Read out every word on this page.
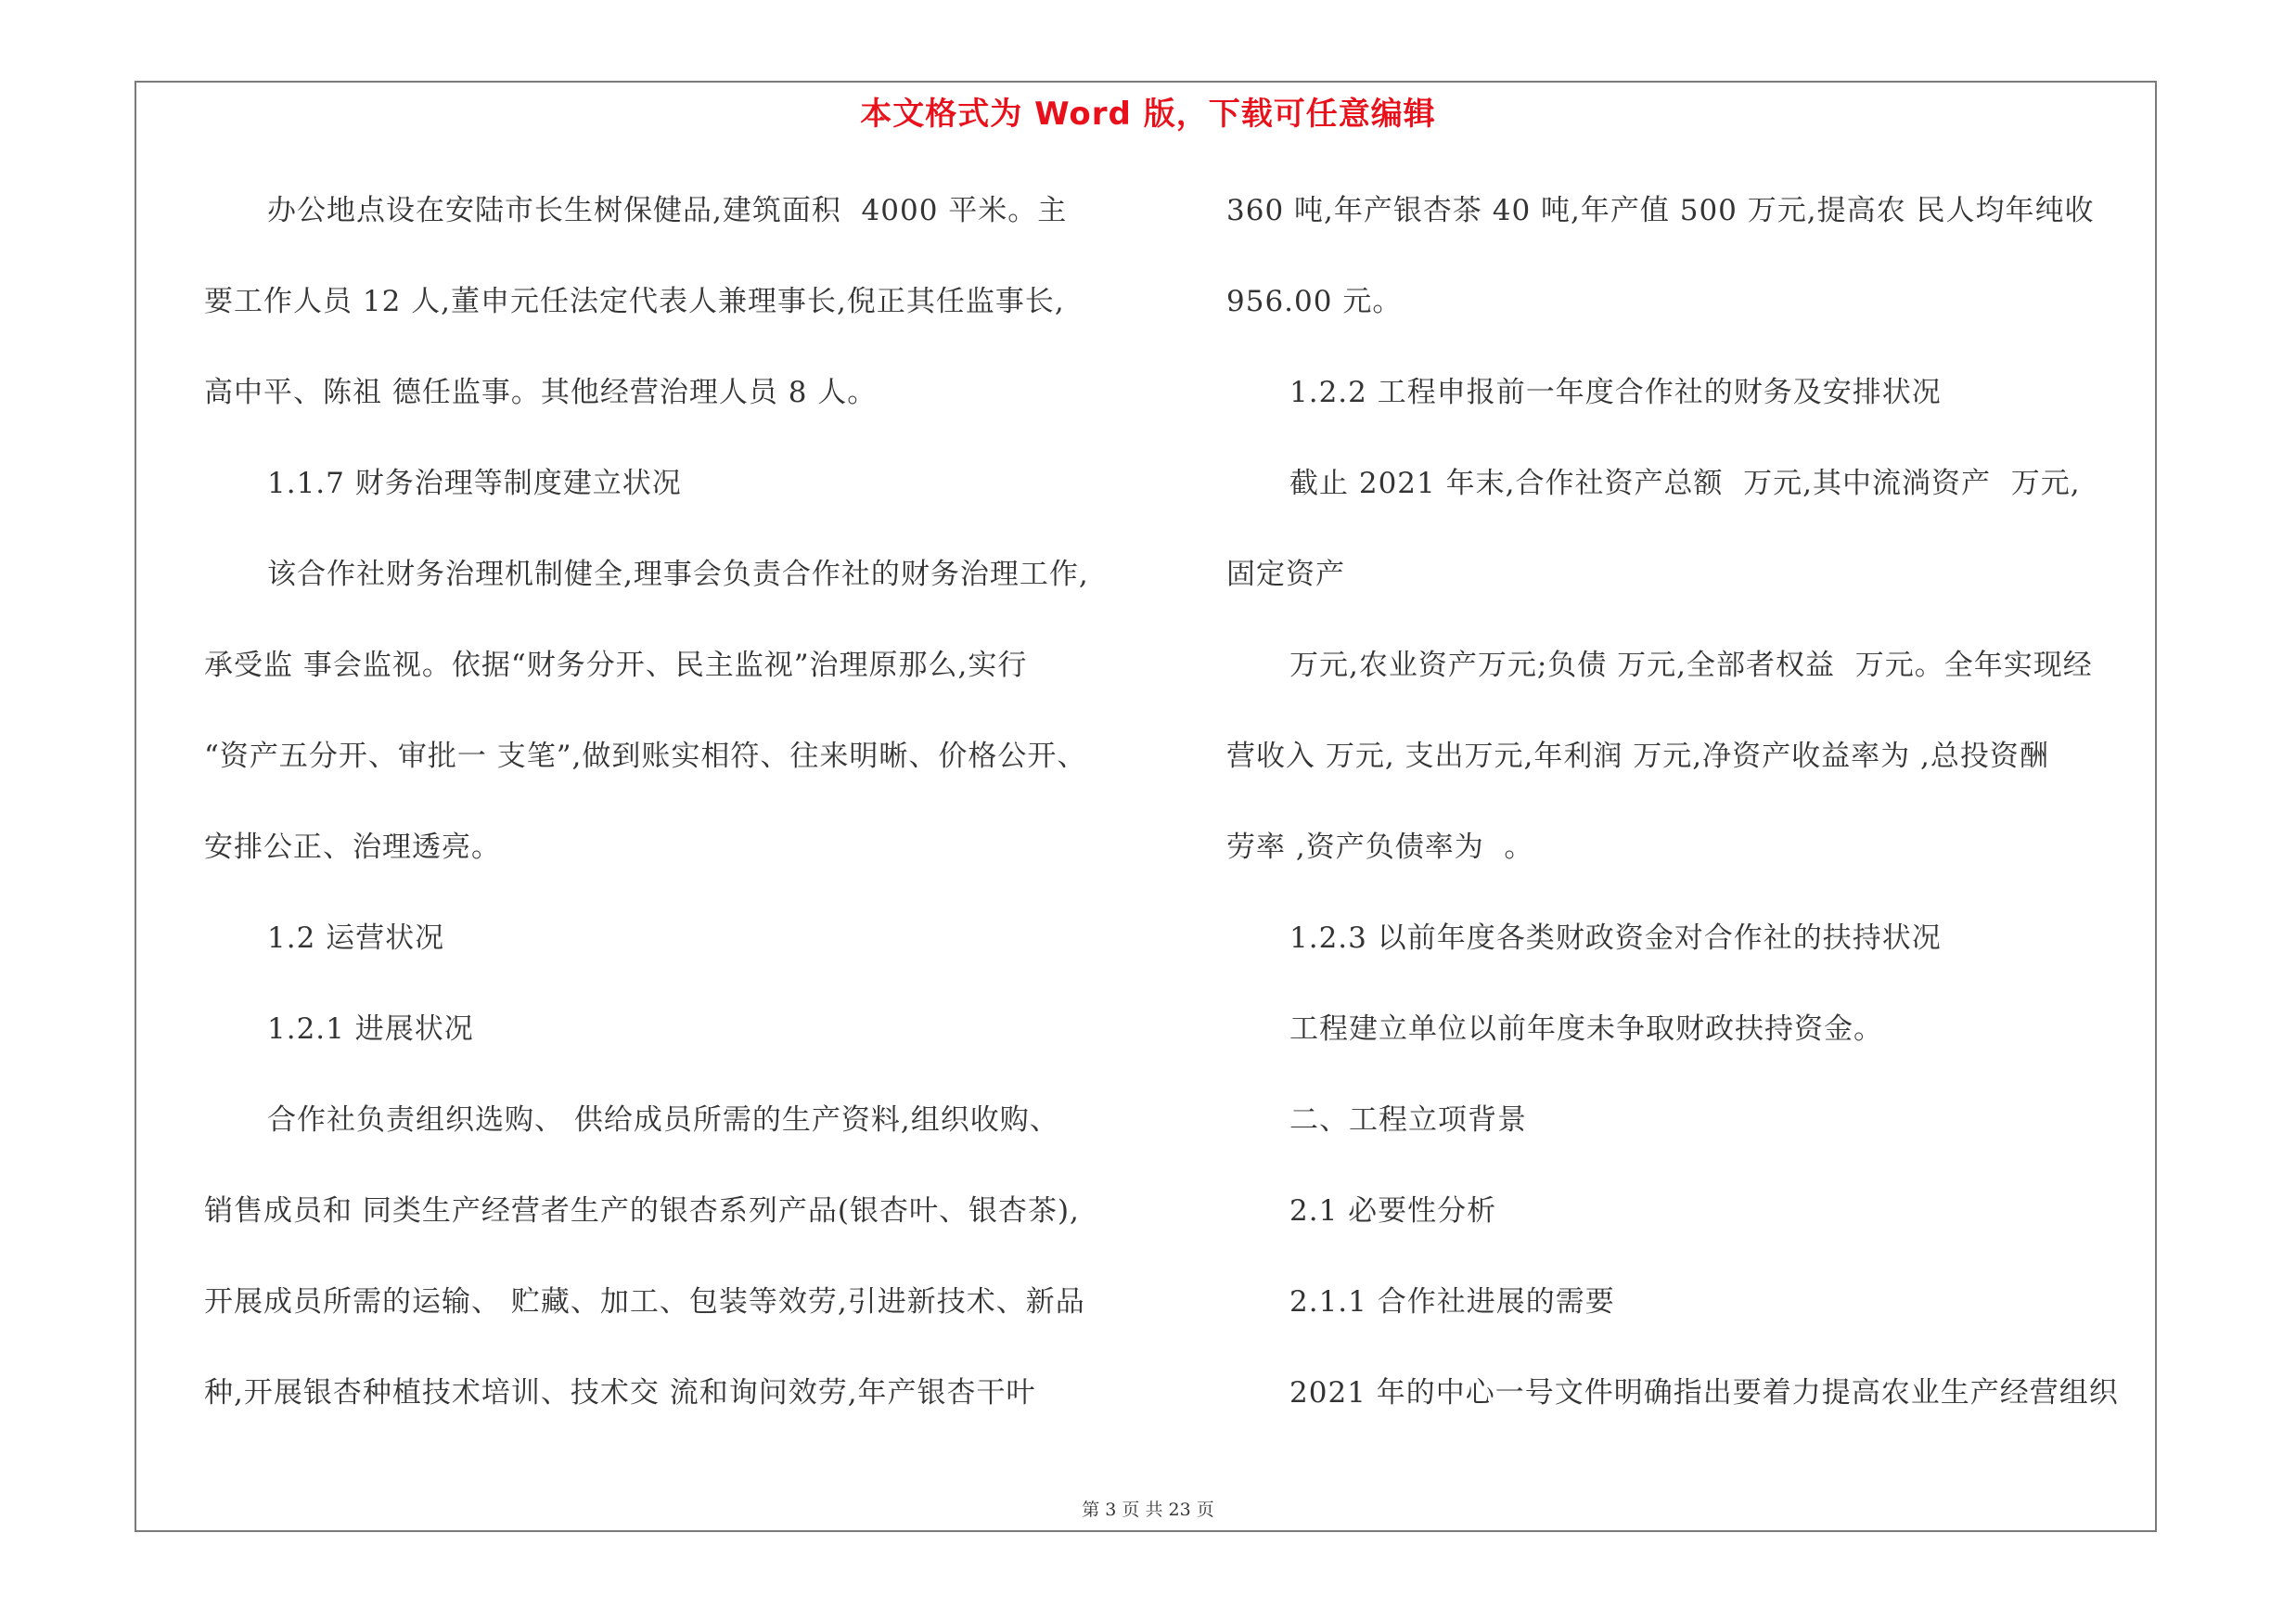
本文格式为 Word 版，下载可任意编辑
办公地点设在安陆市长生树保健品,建筑面积  4000 平米。主
要工作人员 12 人,董申元任法定代表人兼理事长,倪正其任监事长,
高中平、陈祖 德任监事。其他经营治理人员 8 人。
1.1.7 财务治理等制度建立状况
该合作社财务治理机制健全,理事会负责合作社的财务治理工作,
承受监 事会监视。依据“财务分开、民主监视”治理原那么,实行
“资产五分开、审批一 支笔”,做到账实相符、往来明晰、价格公开、
安排公正、治理透亮。
1.2 运营状况
1.2.1 进展状况
合作社负责组织选购、 供给成员所需的生产资料,组织收购、
销售成员和 同类生产经营者生产的银杏系列产品(银杏叶、银杏茶),
开展成员所需的运输、 贮藏、加工、包装等效劳,引进新技术、新品
种,开展银杏种植技术培训、技术交 流和询问效劳,年产银杏干叶
360 吨,年产银杏茶 40 吨,年产值 500 万元,提高农 民人均年纯收
956.00 元。
1.2.2 工程申报前一年度合作社的财务及安排状况
截止 2021 年末,合作社资产总额  万元,其中流淌资产  万元,
固定资产
万元,农业资产万元;负债 万元,全部者权益  万元。全年实现经
营收入 万元, 支出万元,年利润 万元,净资产收益率为 ,总投资酬
劳率 ,资产负债率为  。
1.2.3 以前年度各类财政资金对合作社的扶持状况
工程建立单位以前年度未争取财政扶持资金。
二、工程立项背景
2.1 必要性分析
2.1.1 合作社进展的需要
2021 年的中心一号文件明确指出要着力提高农业生产经营组织
第 3 页 共 23 页
